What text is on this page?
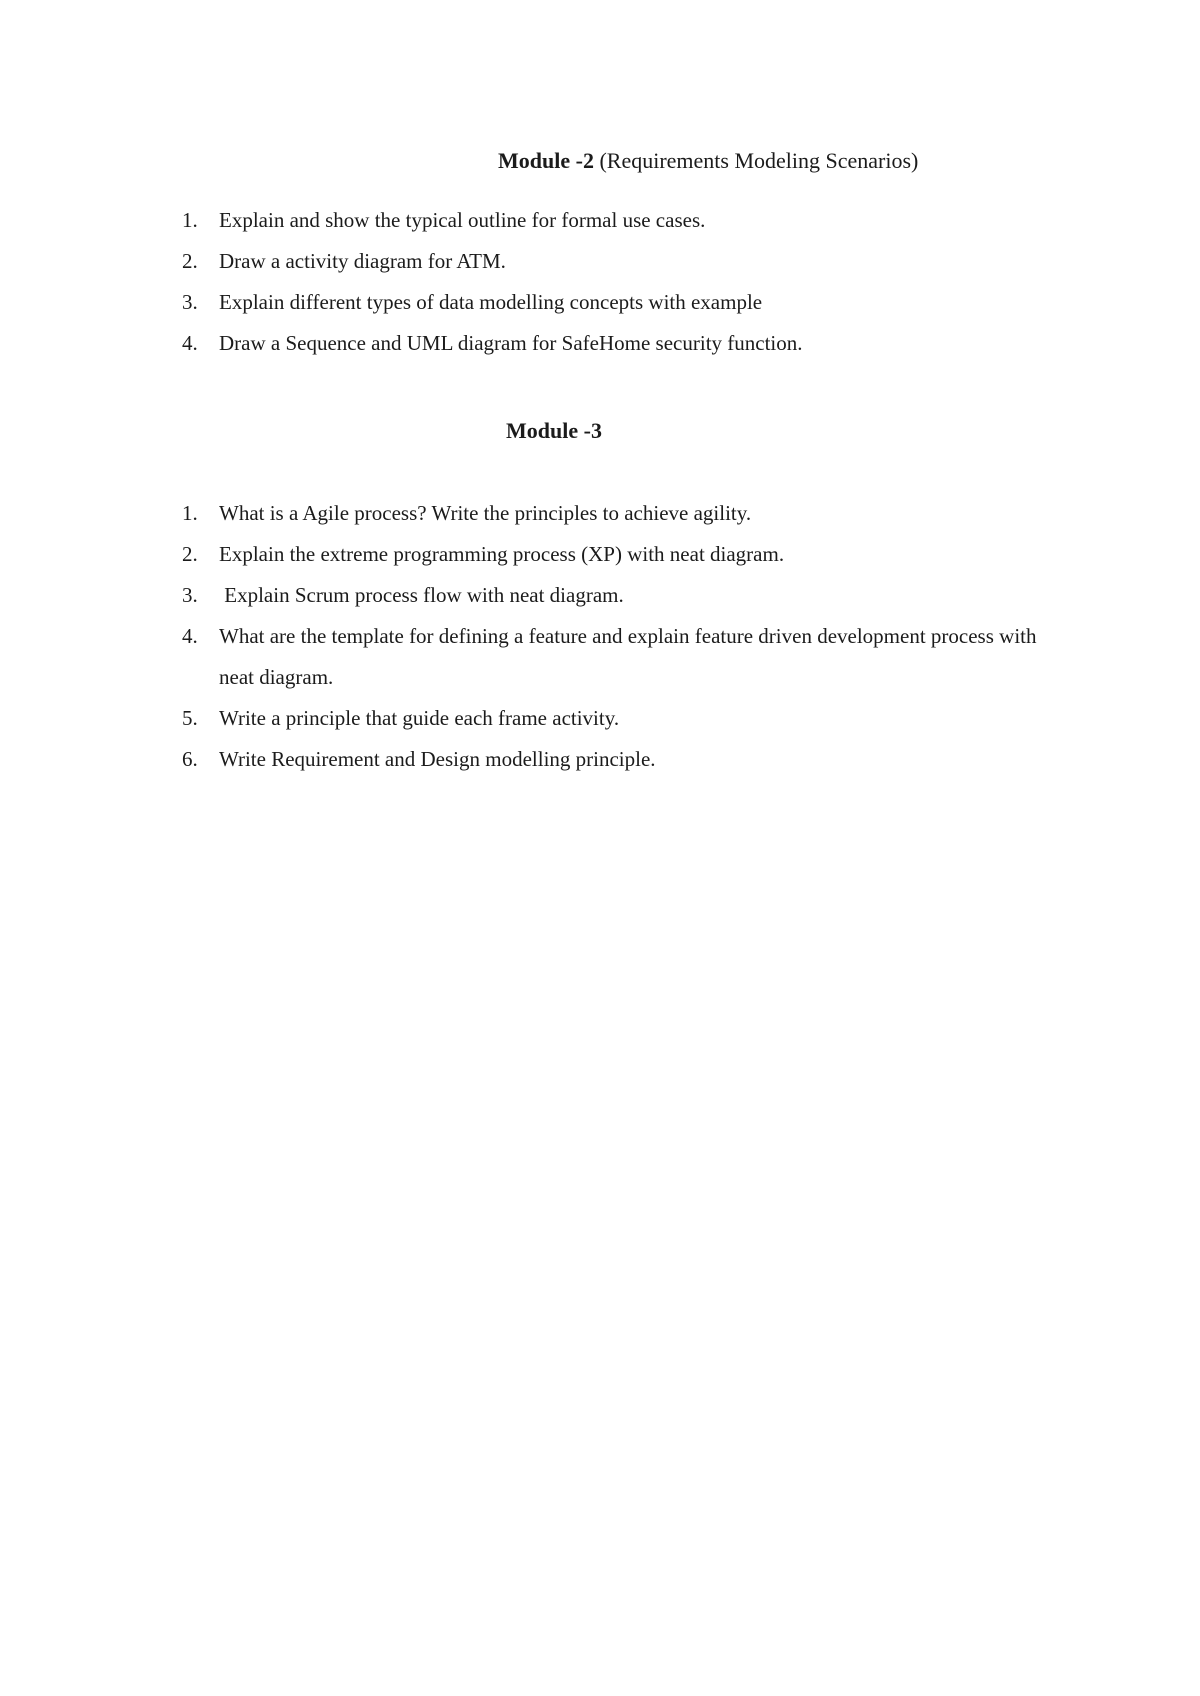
Module -2 (Requirements Modeling Scenarios)
1. Explain and show the typical outline for formal use cases.
2. Draw a activity diagram for ATM.
3. Explain different types of data modelling concepts with example
4. Draw a Sequence and UML diagram for SafeHome security function.
Module -3
1. What is a Agile process? Write the principles to achieve agility.
2. Explain the extreme programming process (XP) with neat diagram.
3. Explain Scrum process flow with neat diagram.
4. What are the template for defining a feature and explain feature driven development process with neat diagram.
5. Write a principle that guide each frame activity.
6. Write Requirement and Design modelling principle.
